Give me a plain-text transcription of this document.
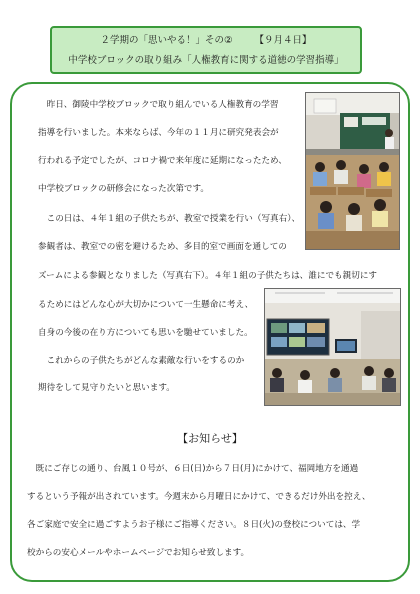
２学期の「思いやる！」その② 【９月４日】
中学校ブロックの取り組み「人権教育に関する道徳の学習指導」
　昨日、御陵中学校ブロックで取り組んでいる人権教育の学習
指導を行いました。本来ならば、今年の１１月に研究発表会が
行われる予定でしたが、コロナ禍で来年度に延期になったため、
中学校ブロックの研修会になった次第です。
　この日は、４年１組の子供たちが、教室で授業を行い（写真右）、
参観者は、教室での密を避けるため、多目的室で画面を通しての
ズームによる参観となりました（写真右下）。４年１組の子供たちは、誰にでも親切にす
るためにはどんな心が大切かについて一生懸命に考え、
自身の今後の在り方についても思いを馳せていました。
　これからの子供たちがどんな素敵な行いをするのか
期待をして見守りたいと思います。
【お知らせ】
　既にご存じの通り、台風１０号が、６日(日)から７日(月)にかけて、福岡地方を通過
するという予報が出されています。今週末から月曜日にかけて、できるだけ外出を控え、
各ご家庭で安全に過ごすようお子様にご指導ください。８日(火)の登校については、学
校からの安心メールやホームページでお知らせ致します。
